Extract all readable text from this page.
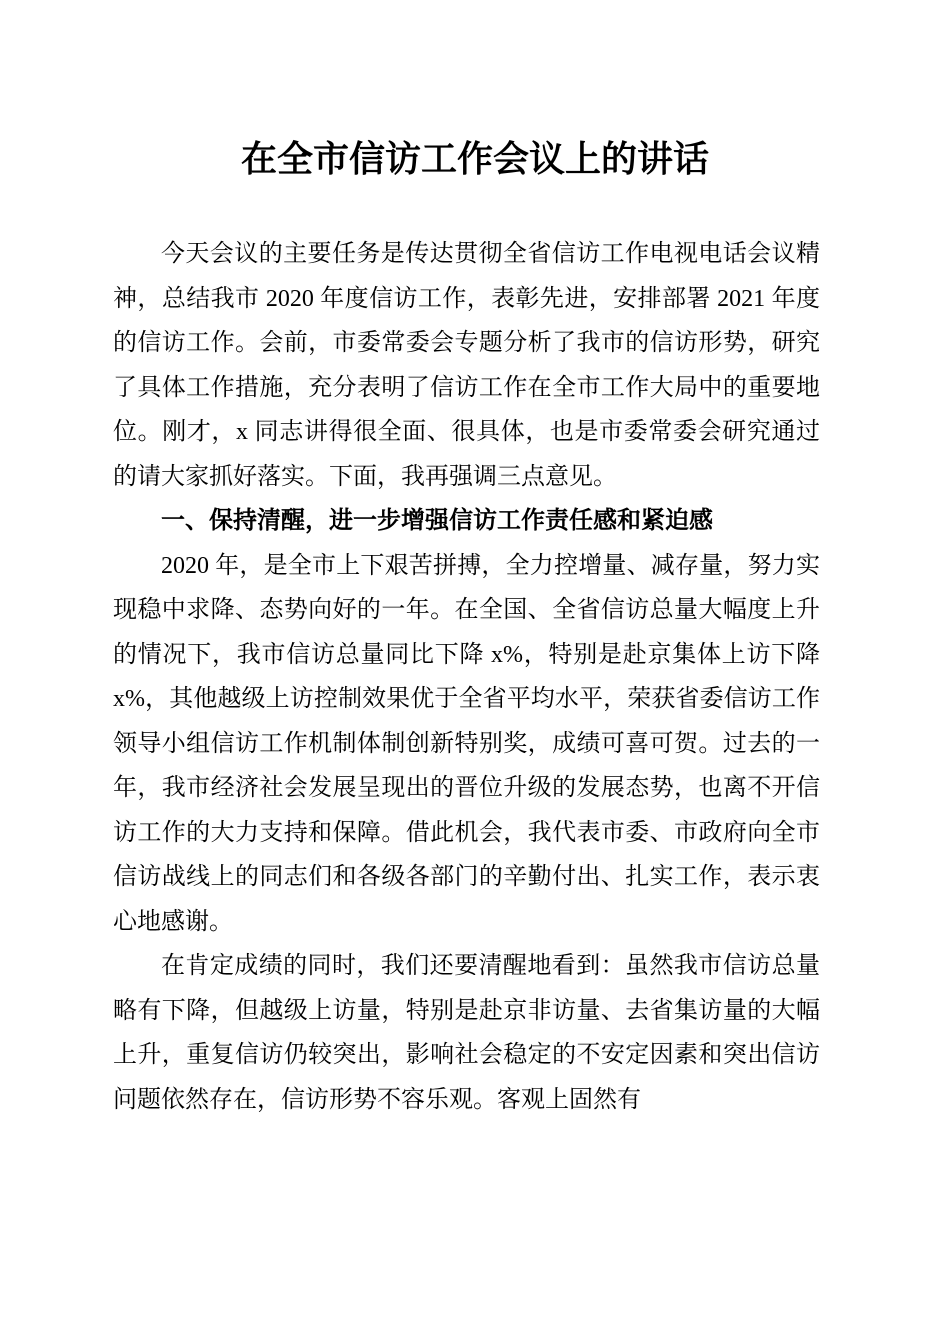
在全市信访工作会议上的讲话

今天会议的主要任务是传达贯彻全省信访工作电视电话会议精神，总结我市 2020 年度信访工作，表彰先进，安排部署 2021 年度的信访工作。会前，市委常委会专题分析了我市的信访形势，研究了具体工作措施，充分表明了信访工作在全市工作大局中的重要地位。刚才，x 同志讲得很全面、很具体，也是市委常委会研究通过的请大家抓好落实。下面，我再强调三点意见。

一、保持清醒，进一步增强信访工作责任感和紧迫感

2020 年，是全市上下艰苦拼搏，全力控增量、减存量，努力实现稳中求降、态势向好的一年。在全国、全省信访总量大幅度上升的情况下，我市信访总量同比下降 x%，特别是赴京集体上访下降 x%，其他越级上访控制效果优于全省平均水平，荣获省委信访工作领导小组信访工作机制体制创新特别奖，成绩可喜可贺。过去的一年，我市经济社会发展呈现出的晋位升级的发展态势，也离不开信访工作的大力支持和保障。借此机会，我代表市委、市政府向全市信访战线上的同志们和各级各部门的辛勤付出、扎实工作，表示衷心地感谢。

在肯定成绩的同时，我们还要清醒地看到：虽然我市信访总量略有下降，但越级上访量，特别是赴京非访量、去省集访量的大幅上升，重复信访仍较突出，影响社会稳定的不安定因素和突出信访问题依然存在，信访形势不容乐观。客观上固然有
